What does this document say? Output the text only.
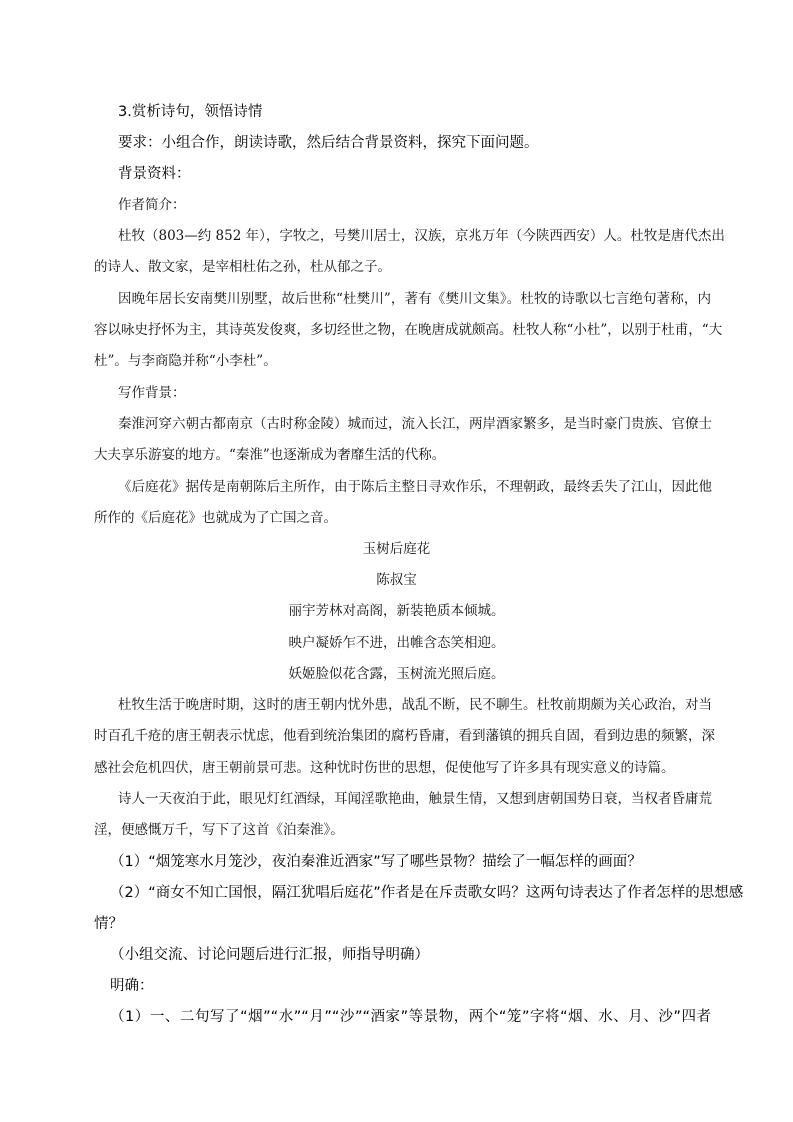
3.赏析诗句，领悟诗情
要求：小组合作，朗读诗歌，然后结合背景资料，探究下面问题。
背景资料：
作者简介：
杜牧（803—约 852 年），字牧之，号樊川居士，汉族，京兆万年（今陕西西安）人。杜牧是唐代杰出
的诗人、散文家，是宰相杜佑之孙，杜从郁之子。
因晚年居长安南樊川别墅，故后世称“杜樊川”，著有《樊川文集》。杜牧的诗歌以七言绝句著称，内
容以咏史抒怀为主，其诗英发俊爽，多切经世之物，在晚唐成就颇高。杜牧人称“小杜”，以别于杜甫，“大
杜”。与李商隐并称“小李杜”。
写作背景：
秦淮河穿六朝古都南京（古时称金陵）城而过，流入长江，两岸酒家繁多，是当时豪门贵族、官僚士
大夫享乐游宴的地方。“秦淮”也逐渐成为奢靡生活的代称。
《后庭花》据传是南朝陈后主所作，由于陈后主整日寻欢作乐，不理朝政，最终丢失了江山，因此他
所作的《后庭花》也就成为了亡国之音。
玉树后庭花
陈叔宝
丽宇芳林对高阁，新装艳质本倾城。
映户凝娇乍不进，出帷含态笑相迎。
妖姬脸似花含露，玉树流光照后庭。
杜牧生活于晚唐时期，这时的唐王朝内忧外患，战乱不断，民不聊生。杜牧前期颇为关心政治，对当
时百孔千疮的唐王朝表示忧虑，他看到统治集团的腐朽昏庸，看到藩镇的拥兵自固，看到边患的频繁，深
感社会危机四伏，唐王朝前景可悲。这种忧时伤世的思想，促使他写了许多具有现实意义的诗篇。
诗人一天夜泊于此，眼见灯红酒绿，耳闻淫歌艳曲，触景生情，又想到唐朝国势日衰，当权者昏庸荒
淫，便感慨万千，写下了这首《泊秦淮》。
（1）“烟笼寒水月笼沙，夜泊秦淮近酒家”写了哪些景物？描绘了一幅怎样的画面？
（2）“商女不知亡国恨，隔江犹唱后庭花”作者是在斥责歌女吗？这两句诗表达了作者怎样的思想感
情？
（小组交流、讨论问题后进行汇报，师指导明确）
明确：
（1）一、二句写了“烟”“水”“月”“沙”“酒家”等景物，两个“笼”字将“烟、水、月、沙”四者
